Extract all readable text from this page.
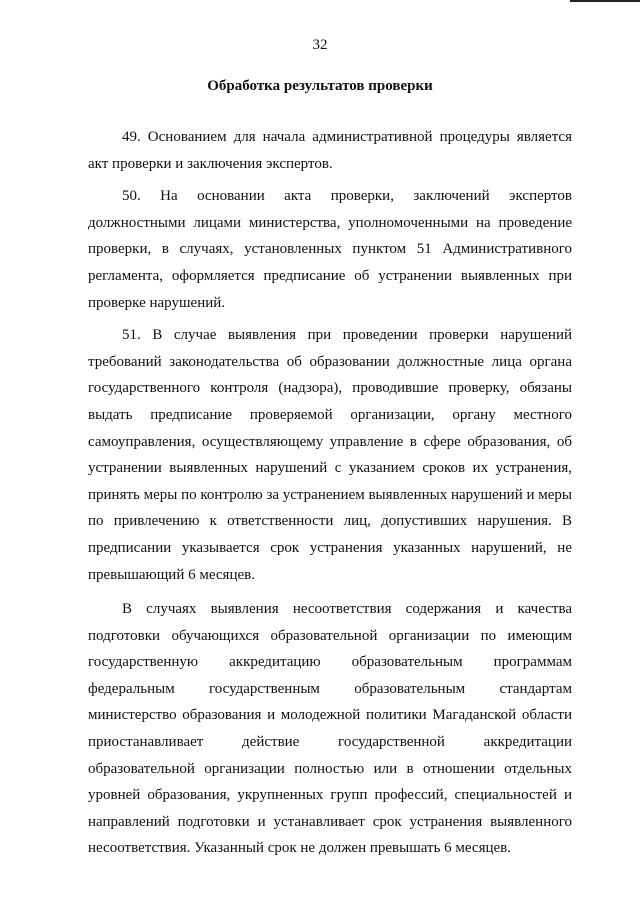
32
Обработка результатов проверки

49. Основанием для начала административной процедуры является акт проверки и заключения экспертов.

50. На основании акта проверки, заключений экспертов должностными лицами министерства, уполномоченными на проведение проверки, в случаях, установленных пунктом 51 Административного регламента, оформляется предписание об устранении выявленных при проверке нарушений.

51. В случае выявления при проведении проверки нарушений требований законодательства об образовании должностные лица органа государственного контроля (надзора), проводившие проверку, обязаны выдать предписание проверяемой организации, органу местного самоуправления, осуществляющему управление в сфере образования, об устранении выявленных нарушений с указанием сроков их устранения, принять меры по контролю за устранением выявленных нарушений и меры по привлечению к ответственности лиц, допустивших нарушения. В предписании указывается срок устранения указанных нарушений, не превышающий 6 месяцев.

В случаях выявления несоответствия содержания и качества подготовки обучающихся образовательной организации по имеющим государственную аккредитацию образовательным программам федеральным государственным образовательным стандартам министерство образования и молодежной политики Магаданской области приостанавливает действие государственной аккредитации образовательной организации полностью или в отношении отдельных уровней образования, укрупненных групп профессий, специальностей и направлений подготовки и устанавливает срок устранения выявленного несоответствия. Указанный срок не должен превышать 6 месяцев.
